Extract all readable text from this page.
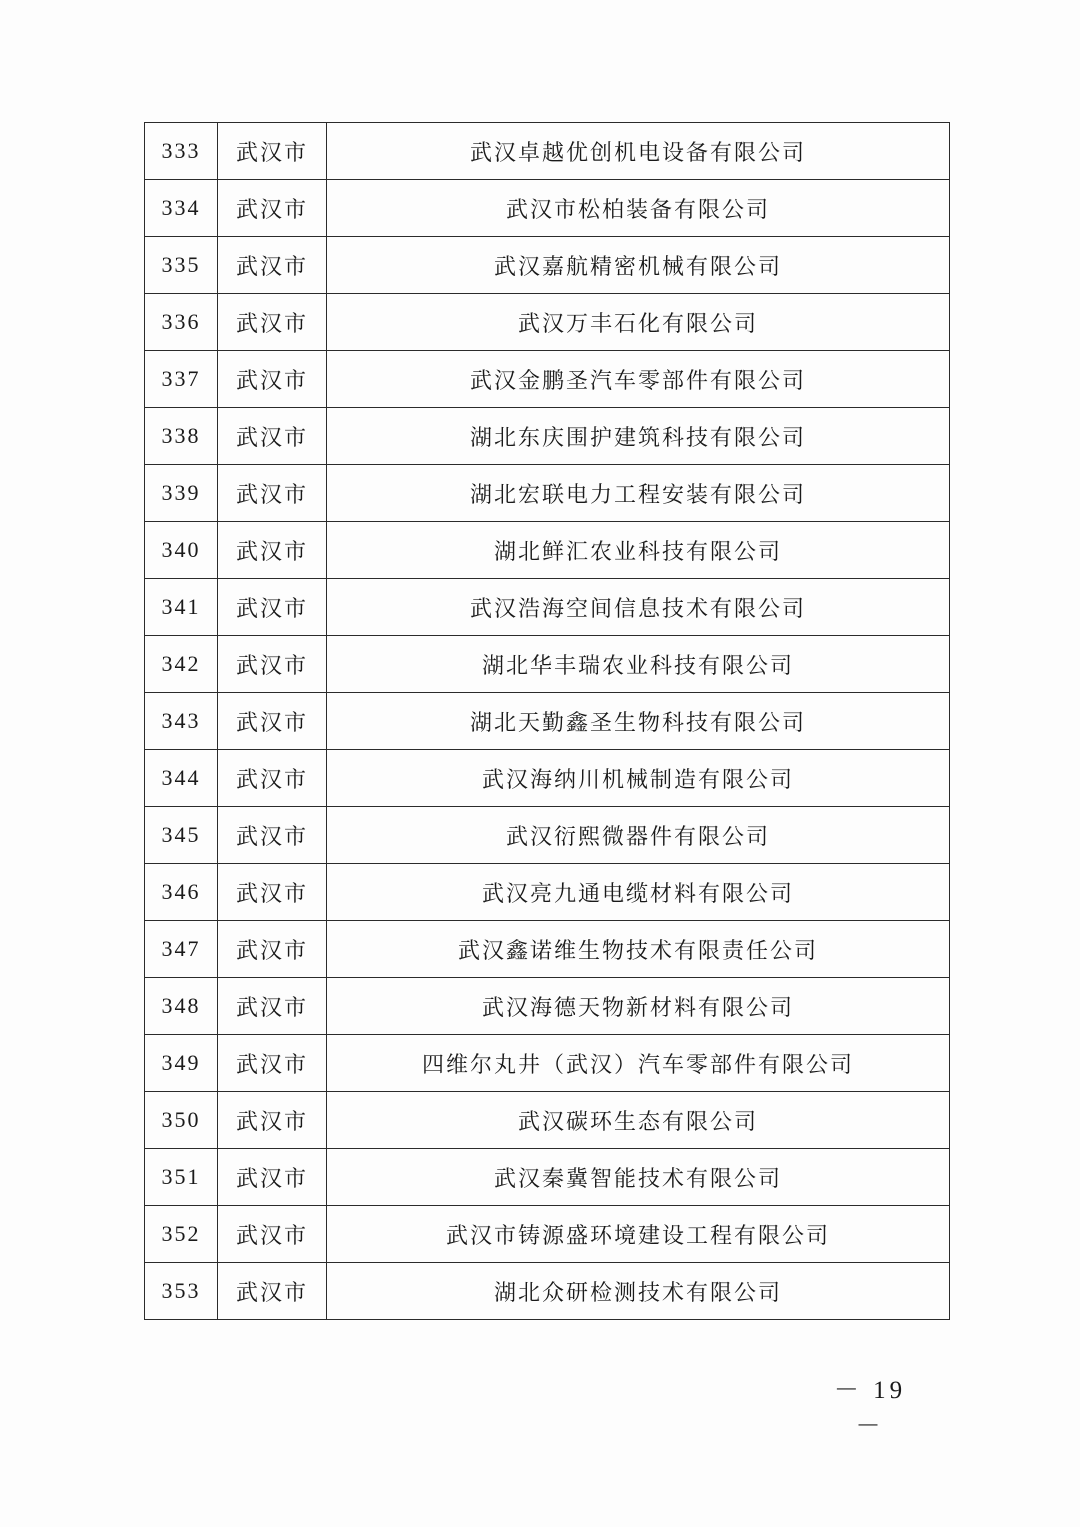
333	武汉市	武汉卓越优创机电设备有限公司
334	武汉市	武汉市松柏装备有限公司
335	武汉市	武汉嘉航精密机械有限公司
336	武汉市	武汉万丰石化有限公司
337	武汉市	武汉金鹏圣汽车零部件有限公司
338	武汉市	湖北东庆围护建筑科技有限公司
339	武汉市	湖北宏联电力工程安装有限公司
340	武汉市	湖北鲜汇农业科技有限公司
341	武汉市	武汉浩海空间信息技术有限公司
342	武汉市	湖北华丰瑞农业科技有限公司
343	武汉市	湖北天勤鑫圣生物科技有限公司
344	武汉市	武汉海纳川机械制造有限公司
345	武汉市	武汉衍熙微器件有限公司
346	武汉市	武汉亮九通电缆材料有限公司
347	武汉市	武汉鑫诺维生物技术有限责任公司
348	武汉市	武汉海德天物新材料有限公司
349	武汉市	四维尔丸井（武汉）汽车零部件有限公司
350	武汉市	武汉碳环生态有限公司
351	武汉市	武汉秦冀智能技术有限公司
352	武汉市	武汉市铸源盛环境建设工程有限公司
353	武汉市	湖北众研检测技术有限公司
－ 19 －
